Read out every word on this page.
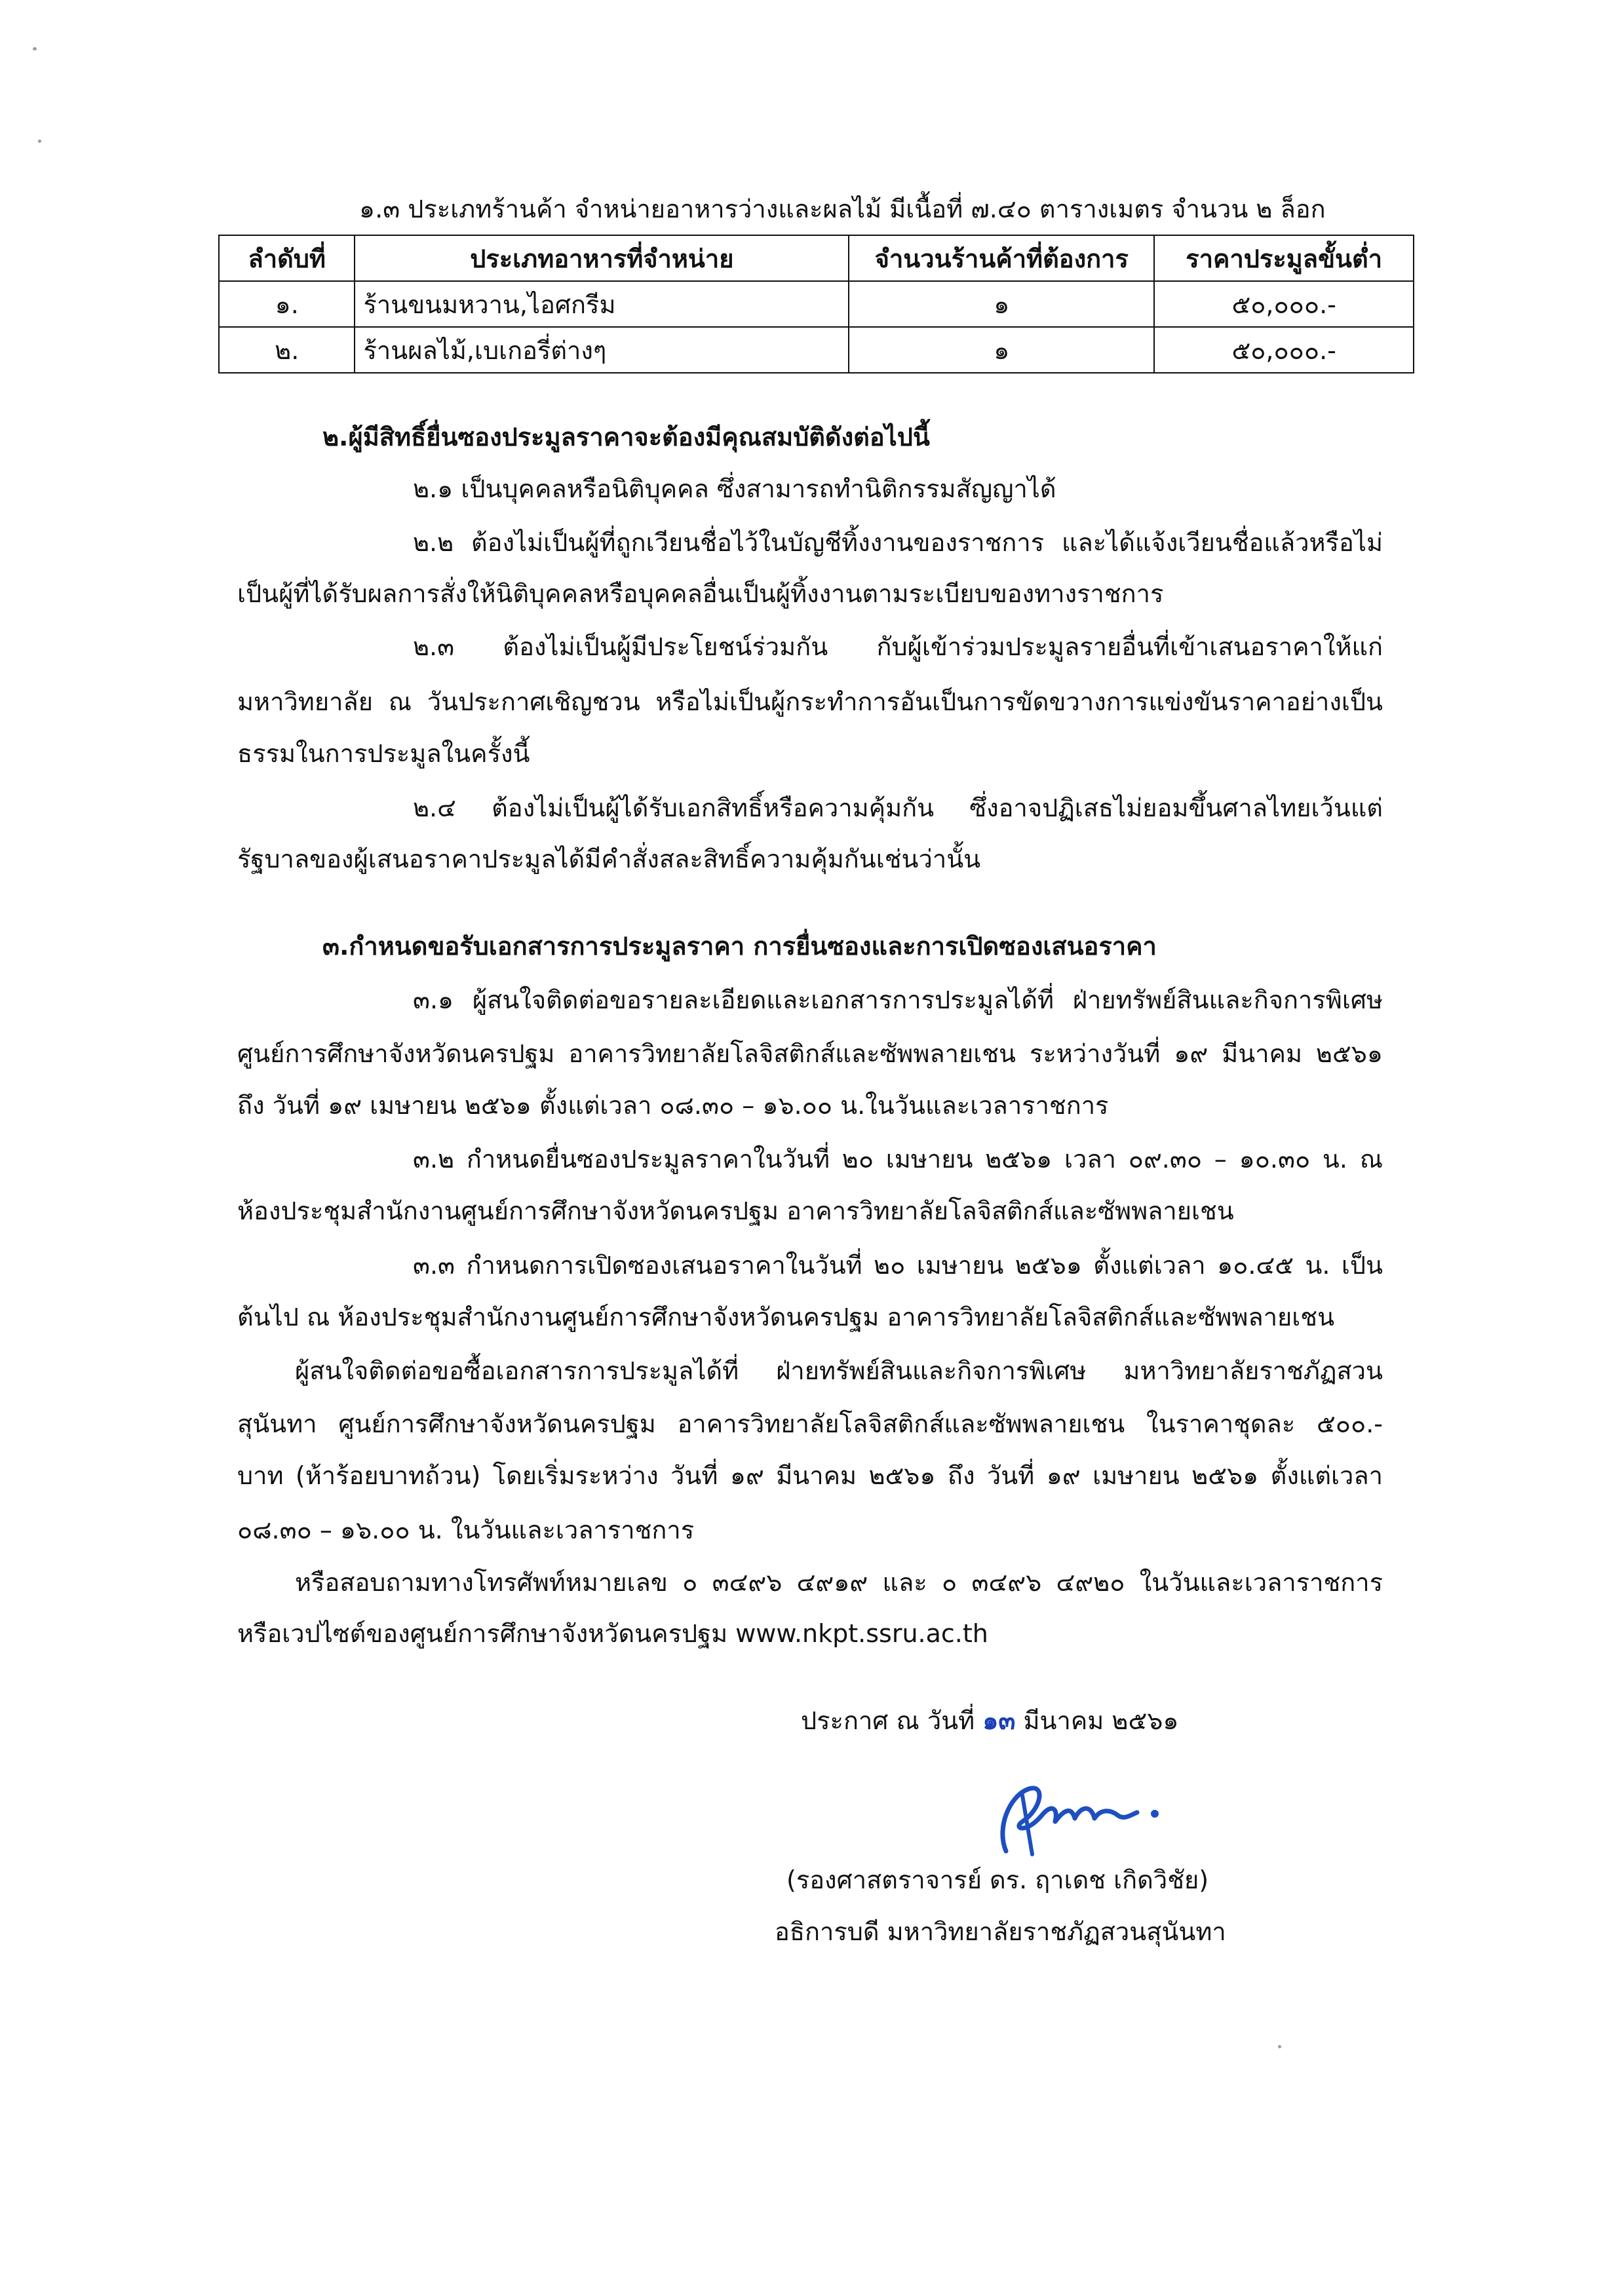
๑.๓ ประเภทร้านค้า จำหน่ายอาหารว่างและผลไม้ มีเนื้อที่ ๗.๔๐ ตารางเมตร จำนวน ๒ ล็อก
ลำดับที่	ประเภทอาหารที่จำหน่าย	จำนวนร้านค้าที่ต้องการ	ราคาประมูลขั้นต่ำ
๑.	ร้านขนมหวาน,ไอศกรีม	๑	๕๐,๐๐๐.-
๒.	ร้านผลไม้,เบเกอรี่ต่างๆ	๑	๕๐,๐๐๐.-
๒.ผู้มีสิทธิ์ยื่นซองประมูลราคาจะต้องมีคุณสมบัติดังต่อไปนี้
๒.๑ เป็นบุคคลหรือนิติบุคคล ซึ่งสามารถทำนิติกรรมสัญญาได้
๒.๒ ต้องไม่เป็นผู้ที่ถูกเวียนชื่อไว้ในบัญชีทิ้งงานของราชการ และได้แจ้งเวียนชื่อแล้วหรือไม่
เป็นผู้ที่ได้รับผลการสั่งให้นิติบุคคลหรือบุคคลอื่นเป็นผู้ทิ้งงานตามระเบียบของทางราชการ
๒.๓ ต้องไม่เป็นผู้มีประโยชน์ร่วมกัน กับผู้เข้าร่วมประมูลรายอื่นที่เข้าเสนอราคาให้แก่
มหาวิทยาลัย ณ วันประกาศเชิญชวน หรือไม่เป็นผู้กระทำการอันเป็นการขัดขวางการแข่งขันราคาอย่างเป็น
ธรรมในการประมูลในครั้งนี้
๒.๔ ต้องไม่เป็นผู้ได้รับเอกสิทธิ์หรือความคุ้มกัน ซึ่งอาจปฏิเสธไม่ยอมขึ้นศาลไทยเว้นแต่
รัฐบาลของผู้เสนอราคาประมูลได้มีคำสั่งสละสิทธิ์ความคุ้มกันเช่นว่านั้น
๓.กำหนดขอรับเอกสารการประมูลราคา การยื่นซองและการเปิดซองเสนอราคา
๓.๑ ผู้สนใจติดต่อขอรายละเอียดและเอกสารการประมูลได้ที่ ฝ่ายทรัพย์สินและกิจการพิเศษ
ศูนย์การศึกษาจังหวัดนครปฐม อาคารวิทยาลัยโลจิสติกส์และซัพพลายเชน ระหว่างวันที่ ๑๙ มีนาคม ๒๕๖๑
ถึง วันที่ ๑๙ เมษายน ๒๕๖๑ ตั้งแต่เวลา ๐๘.๓๐ – ๑๖.๐๐ น.ในวันและเวลาราชการ
๓.๒ กำหนดยื่นซองประมูลราคาในวันที่ ๒๐ เมษายน ๒๕๖๑ เวลา ๐๙.๓๐ – ๑๐.๓๐ น. ณ
ห้องประชุมสำนักงานศูนย์การศึกษาจังหวัดนครปฐม อาคารวิทยาลัยโลจิสติกส์และซัพพลายเชน
๓.๓ กำหนดการเปิดซองเสนอราคาในวันที่ ๒๐ เมษายน ๒๕๖๑ ตั้งแต่เวลา ๑๐.๔๕ น. เป็น
ต้นไป ณ ห้องประชุมสำนักงานศูนย์การศึกษาจังหวัดนครปฐม อาคารวิทยาลัยโลจิสติกส์และซัพพลายเชน
ผู้สนใจติดต่อขอซื้อเอกสารการประมูลได้ที่ ฝ่ายทรัพย์สินและกิจการพิเศษ มหาวิทยาลัยราชภัฏสวน
สุนันทา ศูนย์การศึกษาจังหวัดนครปฐม อาคารวิทยาลัยโลจิสติกส์และซัพพลายเชน ในราคาชุดละ ๕๐๐.-
บาท (ห้าร้อยบาทถ้วน) โดยเริ่มระหว่าง วันที่ ๑๙ มีนาคม ๒๕๖๑ ถึง วันที่ ๑๙ เมษายน ๒๕๖๑ ตั้งแต่เวลา
๐๘.๓๐ – ๑๖.๐๐ น. ในวันและเวลาราชการ
หรือสอบถามทางโทรศัพท์หมายเลข ๐ ๓๔๙๖ ๔๙๑๙ และ ๐ ๓๔๙๖ ๔๙๒๐ ในวันและเวลาราชการ
หรือเวปไซต์ของศูนย์การศึกษาจังหวัดนครปฐม www.nkpt.ssru.ac.th
ประกาศ ณ วันที่ ๑๓ มีนาคม ๒๕๖๑
(รองศาสตราจารย์ ดร. ฤาเดช เกิดวิชัย)
อธิการบดี มหาวิทยาลัยราชภัฏสวนสุนันทา
